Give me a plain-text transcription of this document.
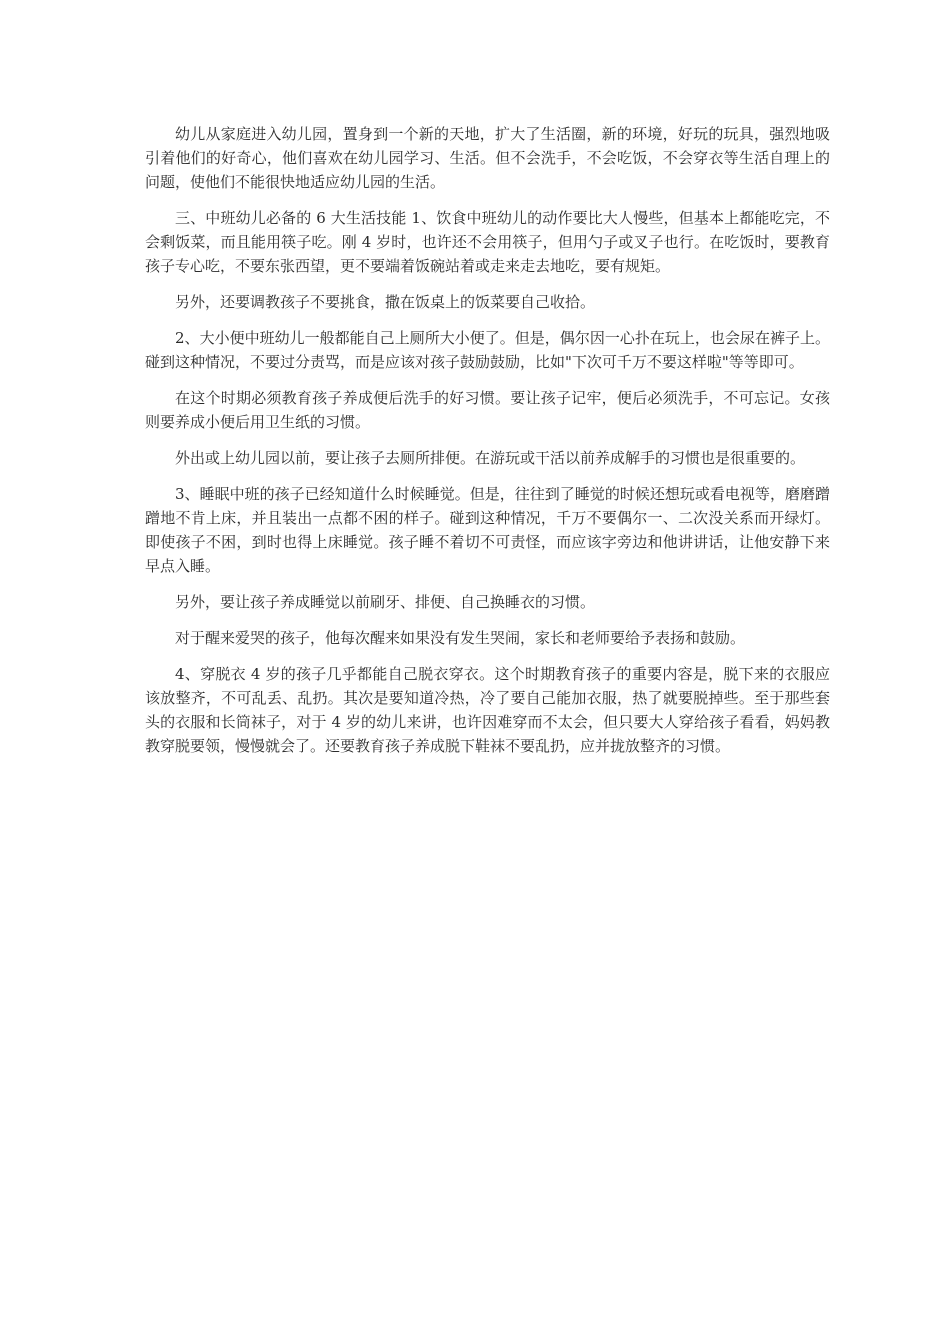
幼儿从家庭进入幼儿园，置身到一个新的天地，扩大了生活圈，新的环境，好玩的玩具，强烈地吸引着他们的好奇心，他们喜欢在幼儿园学习、生活。但不会洗手，不会吃饭，不会穿衣等生活自理上的问题，使他们不能很快地适应幼儿园的生活。

三、中班幼儿必备的 6 大生活技能 1、饮食中班幼儿的动作要比大人慢些，但基本上都能吃完，不会剩饭菜，而且能用筷子吃。刚 4 岁时，也许还不会用筷子，但用勺子或叉子也行。在吃饭时，要教育孩子专心吃，不要东张西望，更不要端着饭碗站着或走来走去地吃，要有规矩。

另外，还要调教孩子不要挑食，撒在饭桌上的饭菜要自己收拾。

2、大小便中班幼儿一般都能自己上厕所大小便了。但是，偶尔因一心扑在玩上，也会尿在裤子上。碰到这种情况，不要过分责骂，而是应该对孩子鼓励鼓励，比如"下次可千万不要这样啦"等等即可。

在这个时期必须教育孩子养成便后洗手的好习惯。要让孩子记牢，便后必须洗手，不可忘记。女孩则要养成小便后用卫生纸的习惯。

外出或上幼儿园以前，要让孩子去厕所排便。在游玩或干活以前养成解手的习惯也是很重要的。

3、睡眠中班的孩子已经知道什么时候睡觉。但是，往往到了睡觉的时候还想玩或看电视等，磨磨蹭蹭地不肯上床，并且装出一点都不困的样子。碰到这种情况，千万不要偶尔一、二次没关系而开绿灯。即使孩子不困，到时也得上床睡觉。孩子睡不着切不可责怪，而应该字旁边和他讲讲话，让他安静下来早点入睡。

另外，要让孩子养成睡觉以前刷牙、排便、自己换睡衣的习惯。

对于醒来爱哭的孩子，他每次醒来如果没有发生哭闹，家长和老师要给予表扬和鼓励。

4、穿脱衣 4 岁的孩子几乎都能自己脱衣穿衣。这个时期教育孩子的重要内容是，脱下来的衣服应该放整齐，不可乱丢、乱扔。其次是要知道冷热，冷了要自己能加衣服，热了就要脱掉些。至于那些套头的衣服和长筒袜子，对于 4 岁的幼儿来讲，也许因难穿而不太会，但只要大人穿给孩子看看，妈妈教教穿脱要领，慢慢就会了。还要教育孩子养成脱下鞋袜不要乱扔，应并拢放整齐的习惯。
